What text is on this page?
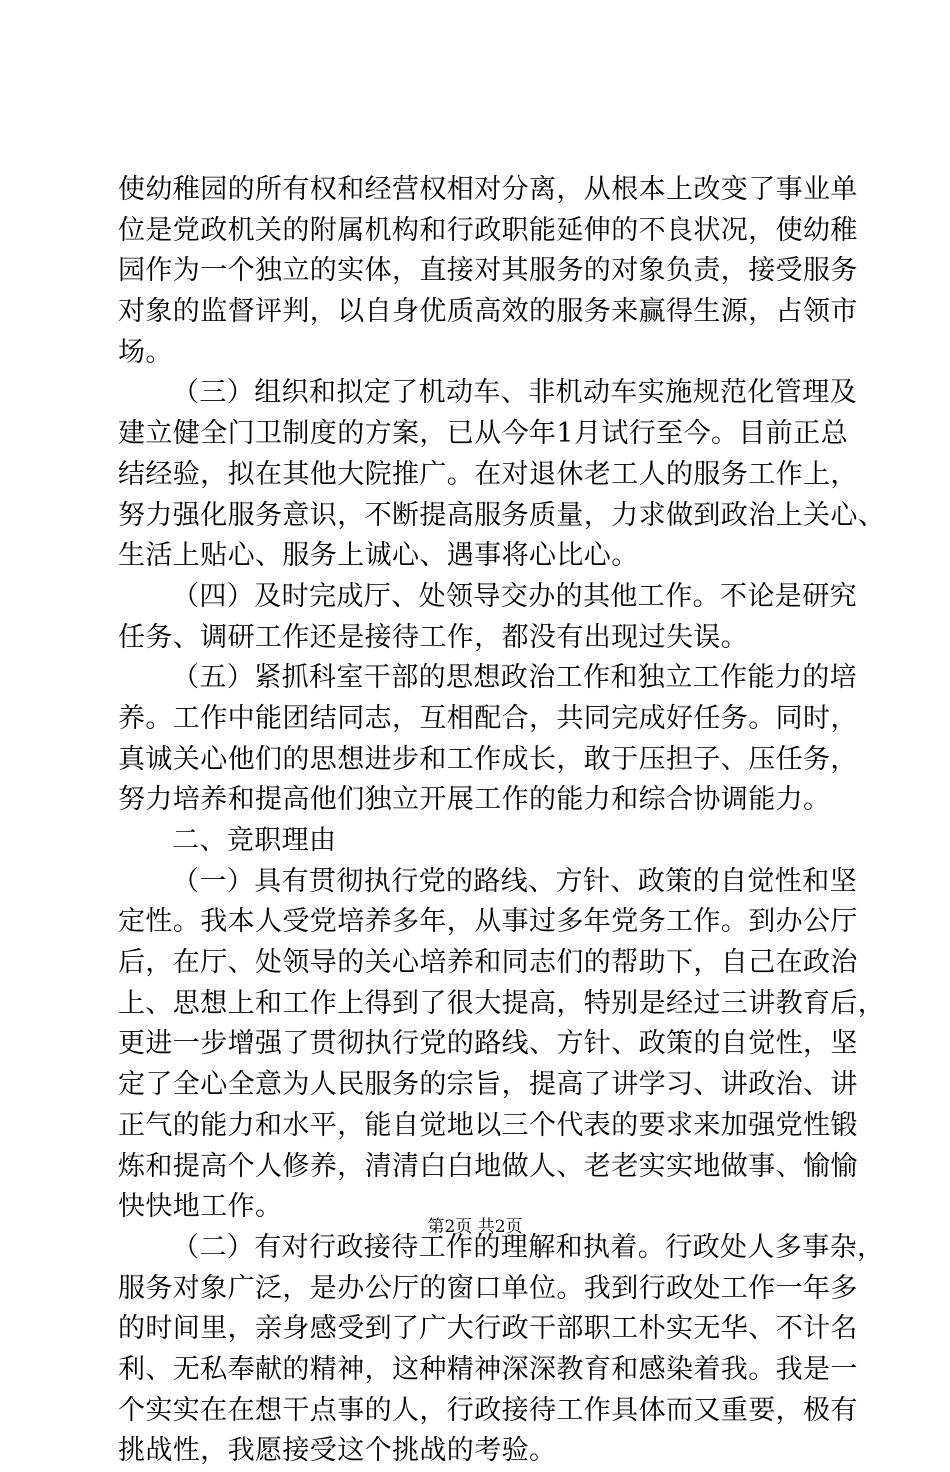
使幼稚园的所有权和经营权相对分离，从根本上改变了事业单
位是党政机关的附属机构和行政职能延伸的不良状况，使幼稚
园作为一个独立的实体，直接对其服务的对象负责，接受服务
对象的监督评判，以自身优质高效的服务来赢得生源，占领市
场。
（三）组织和拟定了机动车、非机动车实施规范化管理及
建立健全门卫制度的方案，已从今年1月试行至今。目前正总
结经验，拟在其他大院推广。在对退休老工人的服务工作上，
努力强化服务意识，不断提高服务质量，力求做到政治上关心、
生活上贴心、服务上诚心、遇事将心比心。
（四）及时完成厅、处领导交办的其他工作。不论是研究
任务、调研工作还是接待工作，都没有出现过失误。
（五）紧抓科室干部的思想政治工作和独立工作能力的培
养。工作中能团结同志，互相配合，共同完成好任务。同时，
真诚关心他们的思想进步和工作成长，敢于压担子、压任务，
努力培养和提高他们独立开展工作的能力和综合协调能力。
二、竞职理由
（一）具有贯彻执行党的路线、方针、政策的自觉性和坚
定性。我本人受党培养多年，从事过多年党务工作。到办公厅
后，在厅、处领导的关心培养和同志们的帮助下，自己在政治
上、思想上和工作上得到了很大提高，特别是经过三讲教育后，
更进一步增强了贯彻执行党的路线、方针、政策的自觉性，坚
定了全心全意为人民服务的宗旨，提高了讲学习、讲政治、讲
正气的能力和水平，能自觉地以三个代表的要求来加强党性锻
炼和提高个人修养，清清白白地做人、老老实实地做事、愉愉
快快地工作。
（二）有对行政接待工作的理解和执着。行政处人多事杂，
服务对象广泛，是办公厅的窗口单位。我到行政处工作一年多
的时间里，亲身感受到了广大行政干部职工朴实无华、不计名
利、无私奉献的精神，这种精神深深教育和感染着我。我是一
个实实在在想干点事的人，行政接待工作具体而又重要，极有
挑战性，我愿接受这个挑战的考验。
第2页 共2页
